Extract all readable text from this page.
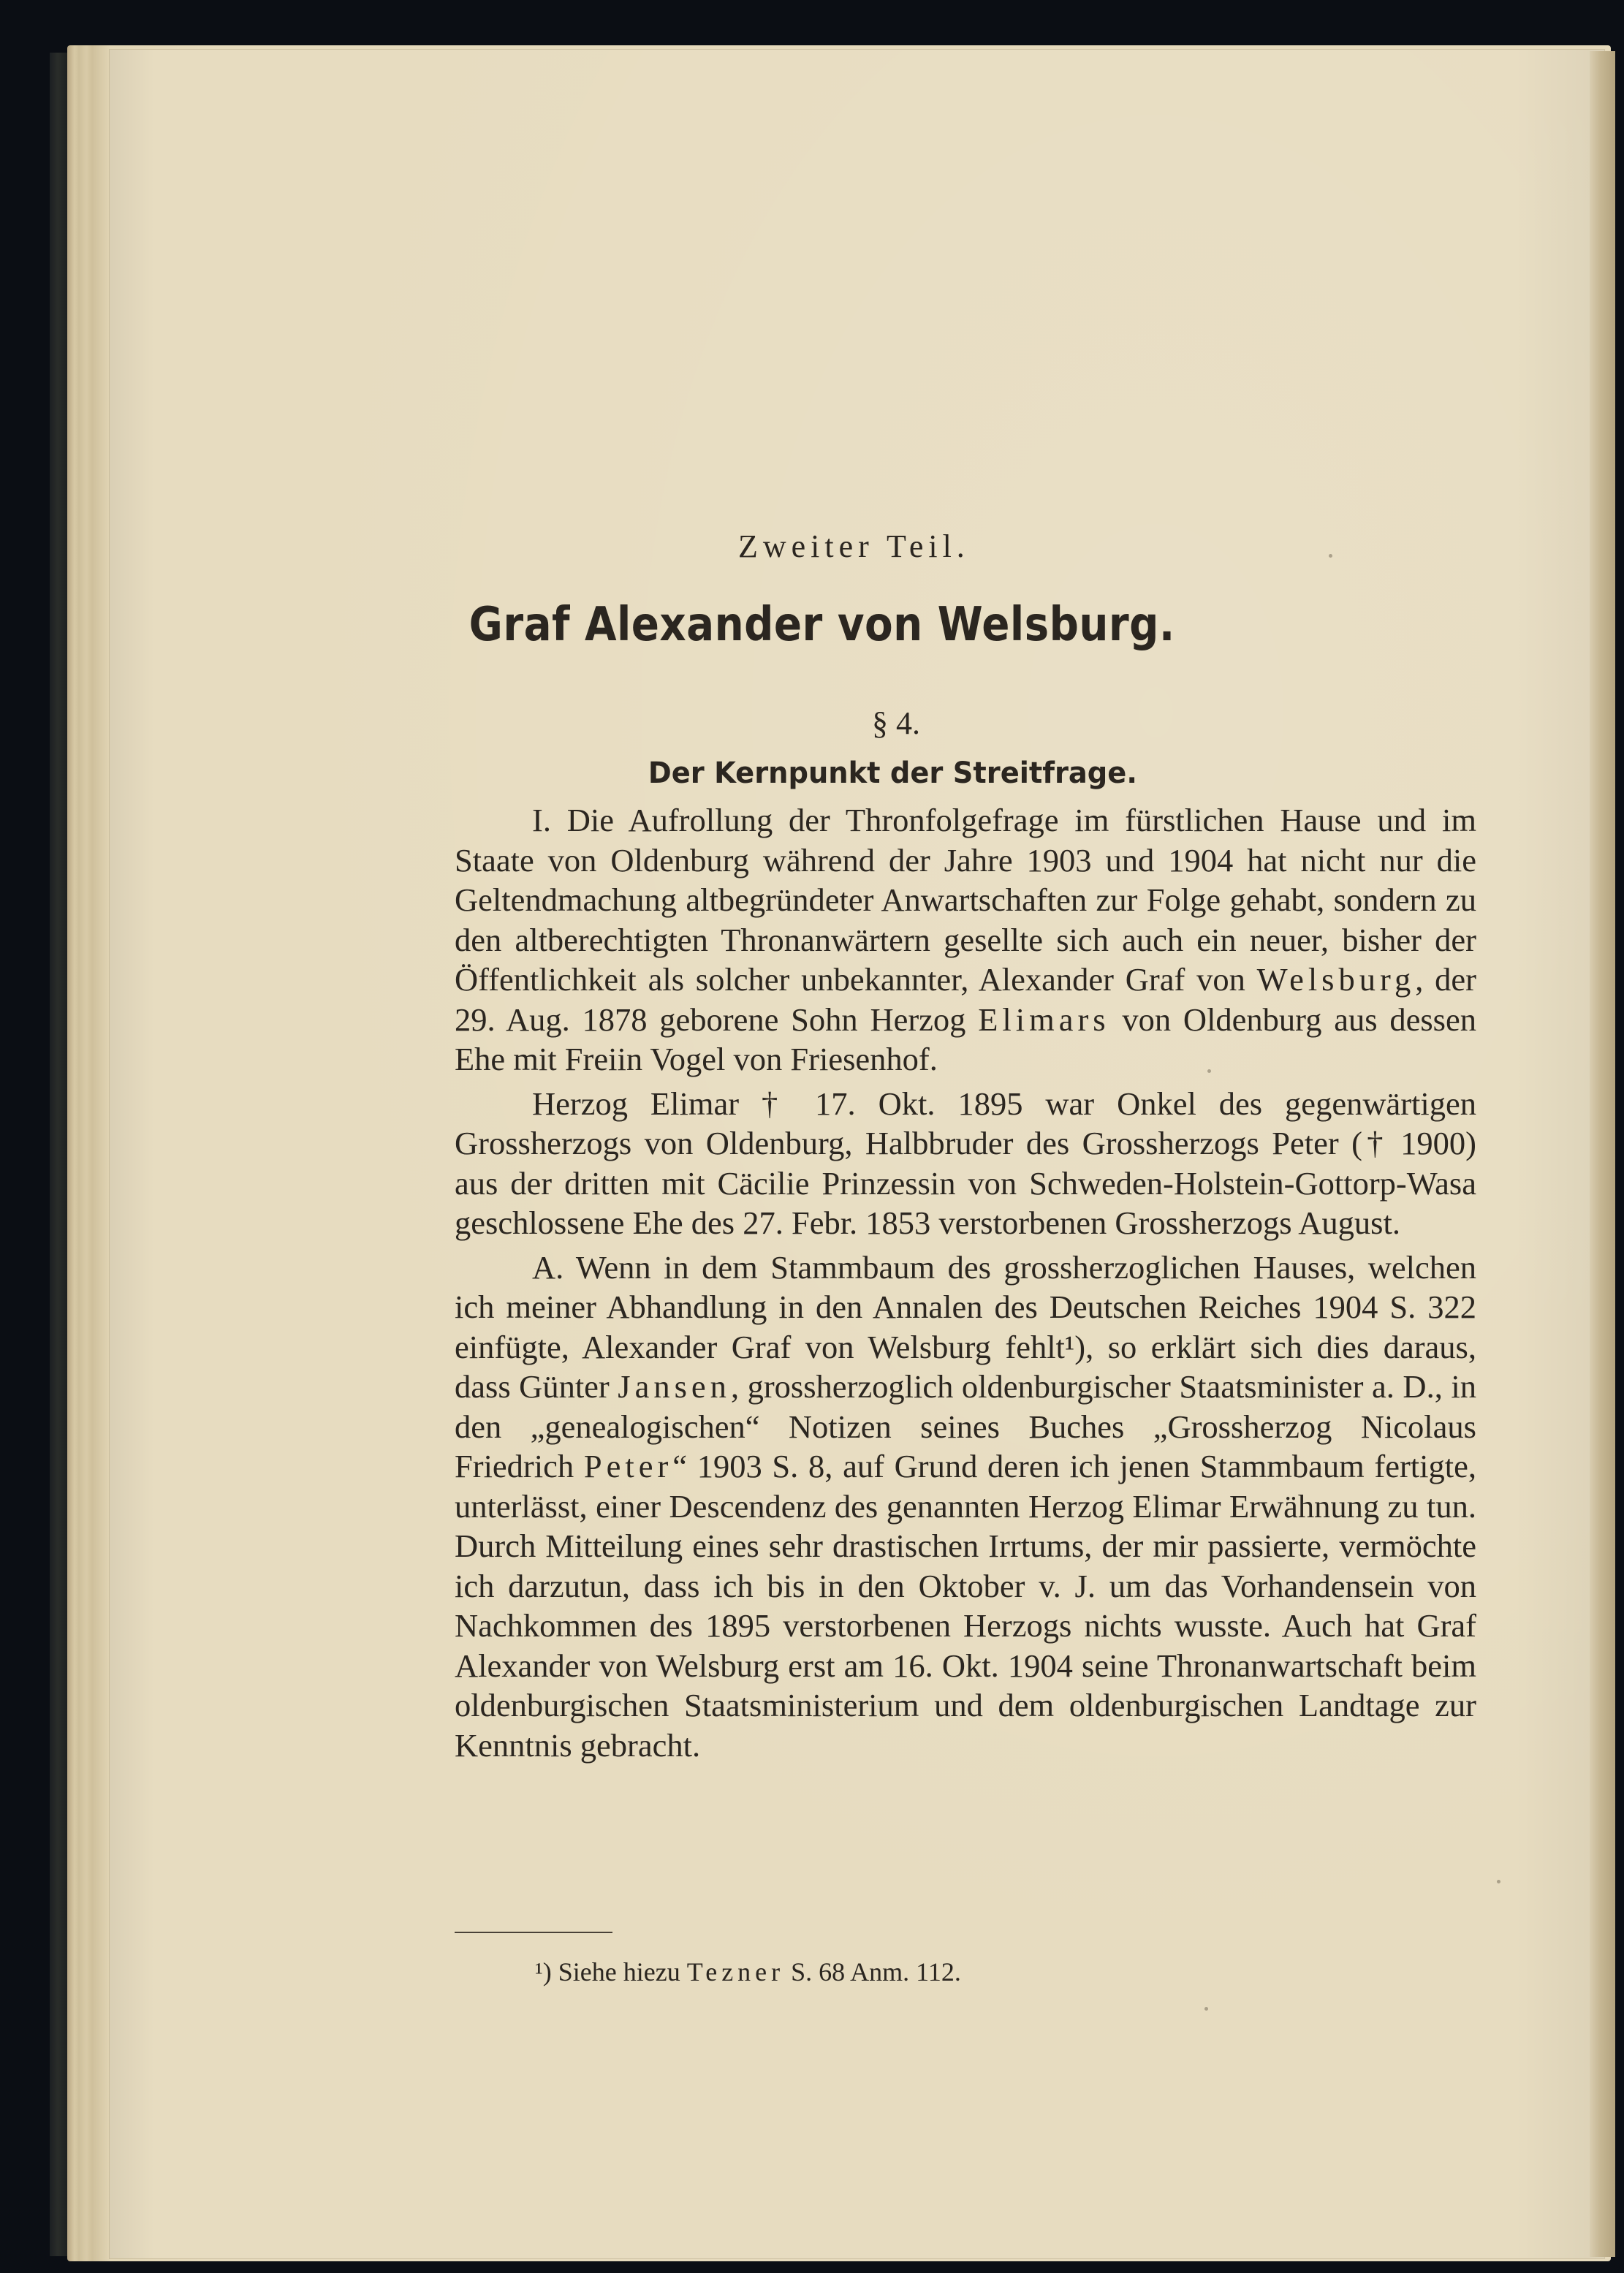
Zweiter Teil.
Graf Alexander von Welsburg.
§ 4.
Der Kernpunkt der Streitfrage.

I. Die Aufrollung der Thronfolgefrage im fürstlichen Hause und im Staate von Oldenburg während der Jahre 1903 und 1904 hat nicht nur die Geltendmachung altbegründeter Anwartschaften zur Folge gehabt, sondern zu den altberechtigten Thronanwärtern gesellte sich auch ein neuer, bisher der Öffentlichkeit als solcher unbekannter, Alexander Graf von Welsburg, der 29. Aug. 1878 geborene Sohn Herzog Elimars von Oldenburg aus dessen Ehe mit Freiin Vogel von Friesenhof.

Herzog Elimar † 17. Okt. 1895 war Onkel des gegenwärtigen Grossherzogs von Oldenburg, Halbbruder des Grossherzogs Peter († 1900) aus der dritten mit Cäcilie Prinzessin von Schweden-Holstein-Gottorp-Wasa geschlossene Ehe des 27. Febr. 1853 verstorbenen Grossherzogs August.

A. Wenn in dem Stammbaum des grossherzoglichen Hauses, welchen ich meiner Abhandlung in den Annalen des Deutschen Reiches 1904 S. 322 einfügte, Alexander Graf von Welsburg fehlt¹), so erklärt sich dies daraus, dass Günter Jansen, grossherzoglich oldenburgischer Staatsminister a. D., in den „genealogischen“ Notizen seines Buches „Grossherzog Nicolaus Friedrich Peter“ 1903 S. 8, auf Grund deren ich jenen Stammbaum fertigte, unterlässt, einer Descendenz des genannten Herzog Elimar Erwähnung zu tun. Durch Mitteilung eines sehr drastischen Irrtums, der mir passierte, vermöchte ich darzutun, dass ich bis in den Oktober v. J. um das Vorhandensein von Nachkommen des 1895 verstorbenen Herzogs nichts wusste. Auch hat Graf Alexander von Welsburg erst am 16. Okt. 1904 seine Thronanwartschaft beim oldenburgischen Staatsministerium und dem oldenburgischen Landtage zur Kenntnis gebracht.

¹) Siehe hiezu Tezner S. 68 Anm. 112.
